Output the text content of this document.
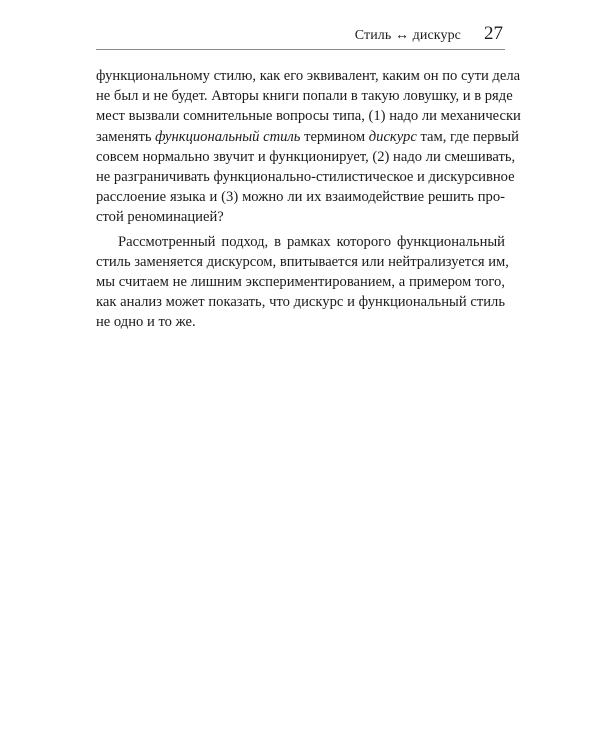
Стиль ↔ дискурс 27
функциональному стилю, как его эквивалент, каким он по сути дела
не был и не будет. Авторы книги попали в такую ловушку, и в ряде
мест вызвали сомнительные вопросы типа, (1) надо ли механически
заменять функциональный стиль термином дискурс там, где первый
совсем нормально звучит и функционирует, (2) надо ли смешивать,
не разграничивать функционально-стилистическое и дискурсивное
расслоение языка и (3) можно ли их взаимодействие решить про-
стой реноминацией?
Рассмотренный подход, в рамках которого функциональный
стиль заменяется дискурсом, впитывается или нейтрализуется им,
мы считаем не лишним экспериментированием, а примером того,
как анализ может показать, что дискурс и функциональный стиль
не одно и то же.
